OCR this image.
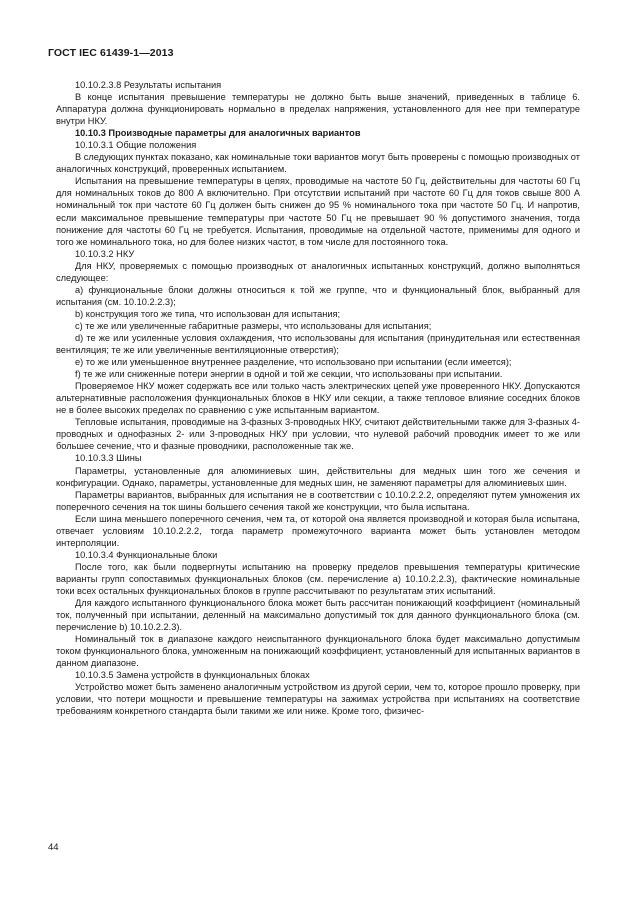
ГОСТ IEC 61439-1—2013

10.10.2.3.8 Результаты испытания

В конце испытания превышение температуры не должно быть выше значений, приведенных в таблице 6. Аппаратура должна функционировать нормально в пределах напряжения, установленного для нее при температуре внутри НКУ.

10.10.3 Производные параметры для аналогичных вариантов

10.10.3.1 Общие положения

В следующих пунктах показано, как номинальные токи вариантов могут быть проверены с помощью производных от аналогичных конструкций, проверенных испытанием.

Испытания на превышение температуры в цепях, проводимые на частоте 50 Гц, действительны для частоты 60 Гц для номинальных токов до 800 А включительно. При отсутствии испытаний при частоте 60 Гц для токов свыше 800 А номинальный ток при частоте 60 Гц должен быть снижен до 95 % номинального тока при частоте 50 Гц. И напротив, если максимальное превышение температуры при частоте 50 Гц не превышает 90 % допустимого значения, тогда понижение для частоты 60 Гц не требуется. Испытания, проводимые на отдельной частоте, применимы для одного и того же номинального тока, но для более низких частот, в том числе для постоянного тока.

10.10.3.2 НКУ

Для НКУ, проверяемых с помощью производных от аналогичных испытанных конструкций, должно выполняться следующее:

a) функциональные блоки должны относиться к той же группе, что и функциональный блок, выбранный для испытания (см. 10.10.2.2.3);

b) конструкция того же типа, что использован для испытания;

c) те же или увеличенные габаритные размеры, что использованы для испытания;

d) те же или усиленные условия охлаждения, что использованы для испытания (принудительная или естественная вентиляция; те же или увеличенные вентиляционные отверстия);

e) то же или уменьшенное внутреннее разделение, что использовано при испытании (если имеется);

f) те же или сниженные потери энергии в одной и той же секции, что использованы при испытании.

Проверяемое НКУ может содержать все или только часть электрических цепей уже проверенного НКУ. Допускаются альтернативные расположения функциональных блоков в НКУ или секции, а также тепловое влияние соседних блоков не в более высоких пределах по сравнению с уже испытанным вариантом.

Тепловые испытания, проводимые на 3-фазных 3-проводных НКУ, считают действительными также для 3-фазных 4-проводных и однофазных 2- или 3-проводных НКУ при условии, что нулевой рабочий проводник имеет то же или большее сечение, что и фазные проводники, расположенные так же.

10.10.3.3 Шины

Параметры, установленные для алюминиевых шин, действительны для медных шин того же сечения и конфигурации. Однако, параметры, установленные для медных шин, не заменяют параметры для алюминиевых шин.

Параметры вариантов, выбранных для испытания не в соответствии с 10.10.2.2.2, определяют путем умножения их поперечного сечения на ток шины большего сечения такой же конструкции, что была испытана.

Если шина меньшего поперечного сечения, чем та, от которой она является производной и которая была испытана, отвечает условиям 10.10.2.2.2, тогда параметр промежуточного варианта может быть установлен методом интерполяции.

10.10.3.4 Функциональные блоки

После того, как были подвергнуты испытанию на проверку пределов превышения температуры критические варианты групп сопоставимых функциональных блоков (см. перечисление a) 10.10.2.2.3), фактические номинальные токи всех остальных функциональных блоков в группе рассчитывают по результатам этих испытаний.

Для каждого испытанного функционального блока может быть рассчитан понижающий коэффициент (номинальный ток, полученный при испытании, деленный на максимально допустимый ток для данного функционального блока (см. перечисление b) 10.10.2.2.3).

Номинальный ток в диапазоне каждого неиспытанного функционального блока будет максимально допустимым током функционального блока, умноженным на понижающий коэффициент, установленный для испытанных вариантов в данном диапазоне.

10.10.3.5 Замена устройств в функциональных блоках

Устройство может быть заменено аналогичным устройством из другой серии, чем то, которое прошло проверку, при условии, что потери мощности и превышение температуры на зажимах устройства при испытаниях на соответствие требованиям конкретного стандарта были такими же или ниже. Кроме того, физичес-

44
